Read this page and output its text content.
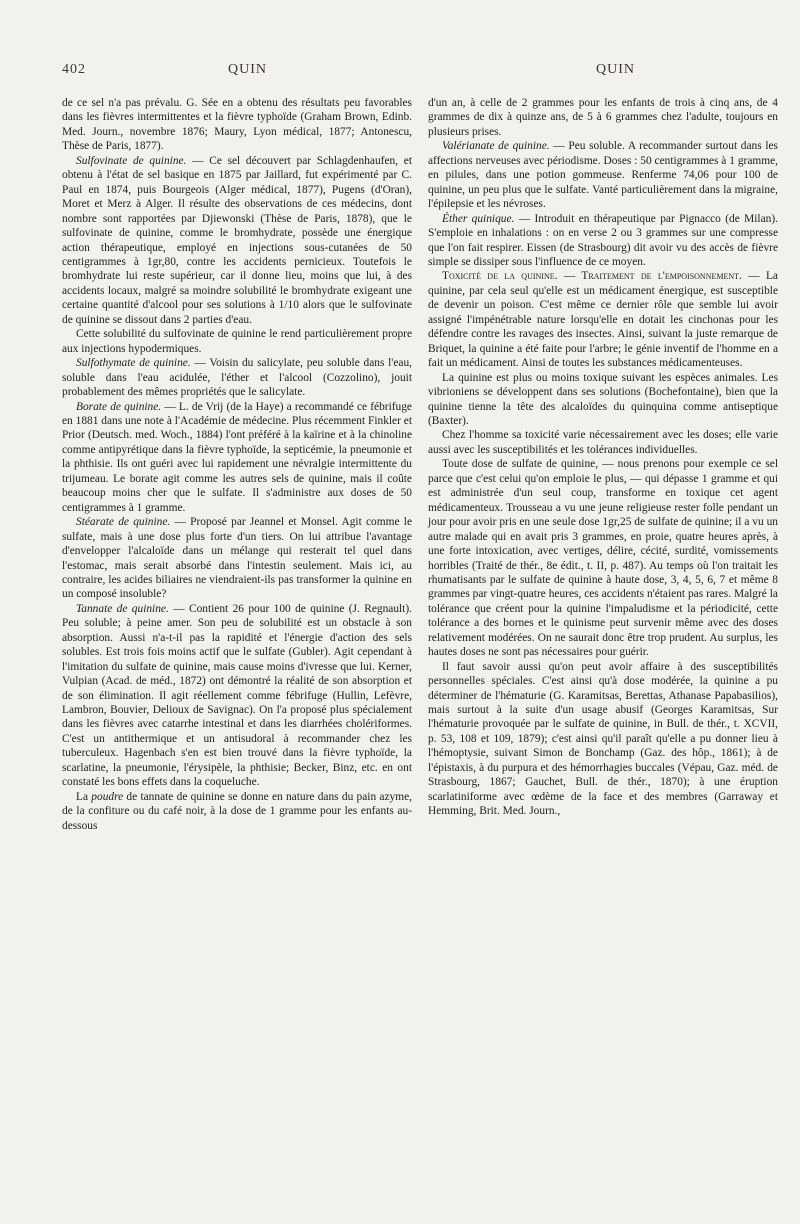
402	QUIN	QUIN

de ce sel n'a pas prévalu. G. Sée en a obtenu des résultats peu favorables dans les fièvres intermittentes et la fièvre typhoïde (Graham Brown, Edinb. Med. Journ., novembre 1876; Maury, Lyon médical, 1877; Antonescu, Thèse de Paris, 1877).

Sulfovinate de quinine. — Ce sel découvert par Schlagdenhaufen, et obtenu à l'état de sel basique en 1875 par Jaillard, fut expérimenté par C. Paul en 1874, puis Bourgeois (Alger médical, 1877), Pugens (d'Oran), Moret et Merz à Alger. Il résulte des observations de ces médecins, dont nombre sont rapportées par Djiewonski (Thèse de Paris, 1878), que le sulfovinate de quinine, comme le bromhydrate, possède une énergique action thérapeutique, employé en injections sous-cutanées de 50 centigrammes à 1gr,80, contre les accidents pernicieux. Toutefois le bromhydrate lui reste supérieur, car il donne lieu, moins que lui, à des accidents locaux, malgré sa moindre solubilité le bromhydrate exigeant une certaine quantité d'alcool pour ses solutions à 1/10 alors que le sulfovinate de quinine se dissout dans 2 parties d'eau.

Cette solubilité du sulfovinate de quinine le rend particulièrement propre aux injections hypodermiques.

Sulfothymate de quinine. — Voisin du salicylate, peu soluble dans l'eau, soluble dans l'eau acidulée, l'éther et l'alcool (Cozzolino), jouit probablement des mêmes propriétés que le salicylate.

Borate de quinine. — L. de Vrij (de la Haye) a recommandé ce fébrifuge en 1881 dans une note à l'Académie de médecine. Plus récemment Finkler et Prior (Deutsch. med. Woch., 1884) l'ont préféré à la kaïrine et à la chinoline comme antipyrétique dans la fièvre typhoïde, la septicémie, la pneumonie et la phthisie. Ils ont guéri avec lui rapidement une névralgie intermittente du trijumeau. Le borate agit comme les autres sels de quinine, mais il coûte beaucoup moins cher que le sulfate. Il s'administre aux doses de 50 centigrammes à 1 gramme.

Stéarate de quinine. — Proposé par Jeannel et Monsel. Agit comme le sulfate, mais à une dose plus forte d'un tiers. On lui attribue l'avantage d'envelopper l'alcaloïde dans un mélange qui resterait tel quel dans l'estomac, mais serait absorbé dans l'intestin seulement. Mais ici, au contraire, les acides biliaires ne viendraient-ils pas transformer la quinine en un composé insoluble?

Tannate de quinine. — Contient 26 pour 100 de quinine (J. Regnault). Peu soluble; à peine amer. Son peu de solubilité est un obstacle à son absorption. Aussi n'a-t-il pas la rapidité et l'énergie d'action des sels solubles. Est trois fois moins actif que le sulfate (Gubler). Agit cependant à l'imitation du sulfate de quinine, mais cause moins d'ivresse que lui. Kerner, Vulpian (Acad. de méd., 1872) ont démontré la réalité de son absorption et de son élimination. Il agit réellement comme fébrifuge (Hullin, Lefèvre, Lambron, Bouvier, Delioux de Savignac). On l'a proposé plus spécialement dans les fièvres avec catarrhe intestinal et dans les diarrhées cholériformes. C'est un antithermique et un antisudoral à recommander chez les tuberculeux. Hagenbach s'en est bien trouvé dans la fièvre typhoïde, la scarlatine, la pneumonie, l'érysipèle, la phthisie; Becker, Binz, etc. en ont constaté les bons effets dans la coqueluche.

La poudre de tannate de quinine se donne en nature dans du pain azyme, de la confiture ou du café noir, à la dose de 1 gramme pour les enfants au-dessous

d'un an, à celle de 2 grammes pour les enfants de trois à cinq ans, de 4 grammes de dix à quinze ans, de 5 à 6 grammes chez l'adulte, toujours en plusieurs prises.

Valérianate de quinine. — Peu soluble. A recommander surtout dans les affections nerveuses avec périodisme. Doses : 50 centigrammes à 1 gramme, en pilules, dans une potion gommeuse. Renferme 74,06 pour 100 de quinine, un peu plus que le sulfate. Vanté particulièrement dans la migraine, l'épilepsie et les névroses.

Éther quinique. — Introduit en thérapeutique par Pignacco (de Milan). S'emploie en inhalations : on en verse 2 ou 3 grammes sur une compresse que l'on fait respirer. Eissen (de Strasbourg) dit avoir vu des accès de fièvre simple se dissiper sous l'influence de ce moyen.

Toxicité de la quinine. — Traitement de l'empoisonnement. — La quinine, par cela seul qu'elle est un médicament énergique, est susceptible de devenir un poison. C'est même ce dernier rôle que semble lui avoir assigné l'impénétrable nature lorsqu'elle en dotait les cinchonas pour les défendre contre les ravages des insectes. Ainsi, suivant la juste remarque de Briquet, la quinine a été faite pour l'arbre; le génie inventif de l'homme en a fait un médicament. Ainsi de toutes les substances médicamenteuses.

La quinine est plus ou moins toxique suivant les espèces animales. Les vibrioniens se développent dans ses solutions (Bochefontaine), bien que la quinine tienne la tête des alcaloïdes du quinquina comme antiseptique (Baxter).

Chez l'homme sa toxicité varie nécessairement avec les doses; elle varie aussi avec les susceptibilités et les tolérances individuelles.

Toute dose de sulfate de quinine, — nous prenons pour exemple ce sel parce que c'est celui qu'on emploie le plus, — qui dépasse 1 gramme et qui est administrée d'un seul coup, transforme en toxique cet agent médicamenteux. Trousseau a vu une jeune religieuse rester folle pendant un jour pour avoir pris en une seule dose 1gr,25 de sulfate de quinine; il a vu un autre malade qui en avait pris 3 grammes, en proie, quatre heures après, à une forte intoxication, avec vertiges, délire, cécité, surdité, vomissements horribles (Traité de thér., 8e édit., t. II, p. 487). Au temps où l'on traitait les rhumatisants par le sulfate de quinine à haute dose, 3, 4, 5, 6, 7 et même 8 grammes par vingt-quatre heures, ces accidents n'étaient pas rares. Malgré la tolérance que créent pour la quinine l'impaludisme et la périodicité, cette tolérance a des bornes et le quinisme peut survenir même avec des doses relativement modérées. On ne saurait donc être trop prudent. Au surplus, les hautes doses ne sont pas nécessaires pour guérir.

Il faut savoir aussi qu'on peut avoir affaire à des susceptibilités personnelles spéciales. C'est ainsi qu'à dose modérée, la quinine a pu déterminer de l'hématurie (G. Karamitsas, Berettas, Athanase Papabasilios), mais surtout à la suite d'un usage abusif (Georges Karamitsas, Sur l'hématurie provoquée par le sulfate de quinine, in Bull. de thér., t. XCVII, p. 53, 108 et 109, 1879); c'est ainsi qu'il paraît qu'elle a pu donner lieu à l'hémoptysie, suivant Simon de Bonchamp (Gaz. des hôp., 1861); à de l'épistaxis, à du purpura et des hémorrhagies buccales (Vépau, Gaz. méd. de Strasbourg, 1867; Gauchet, Bull. de thér., 1870); à une éruption scarlatiniforme avec œdème de la face et des membres (Garraway et Hemming, Brit. Med. Journ.,
